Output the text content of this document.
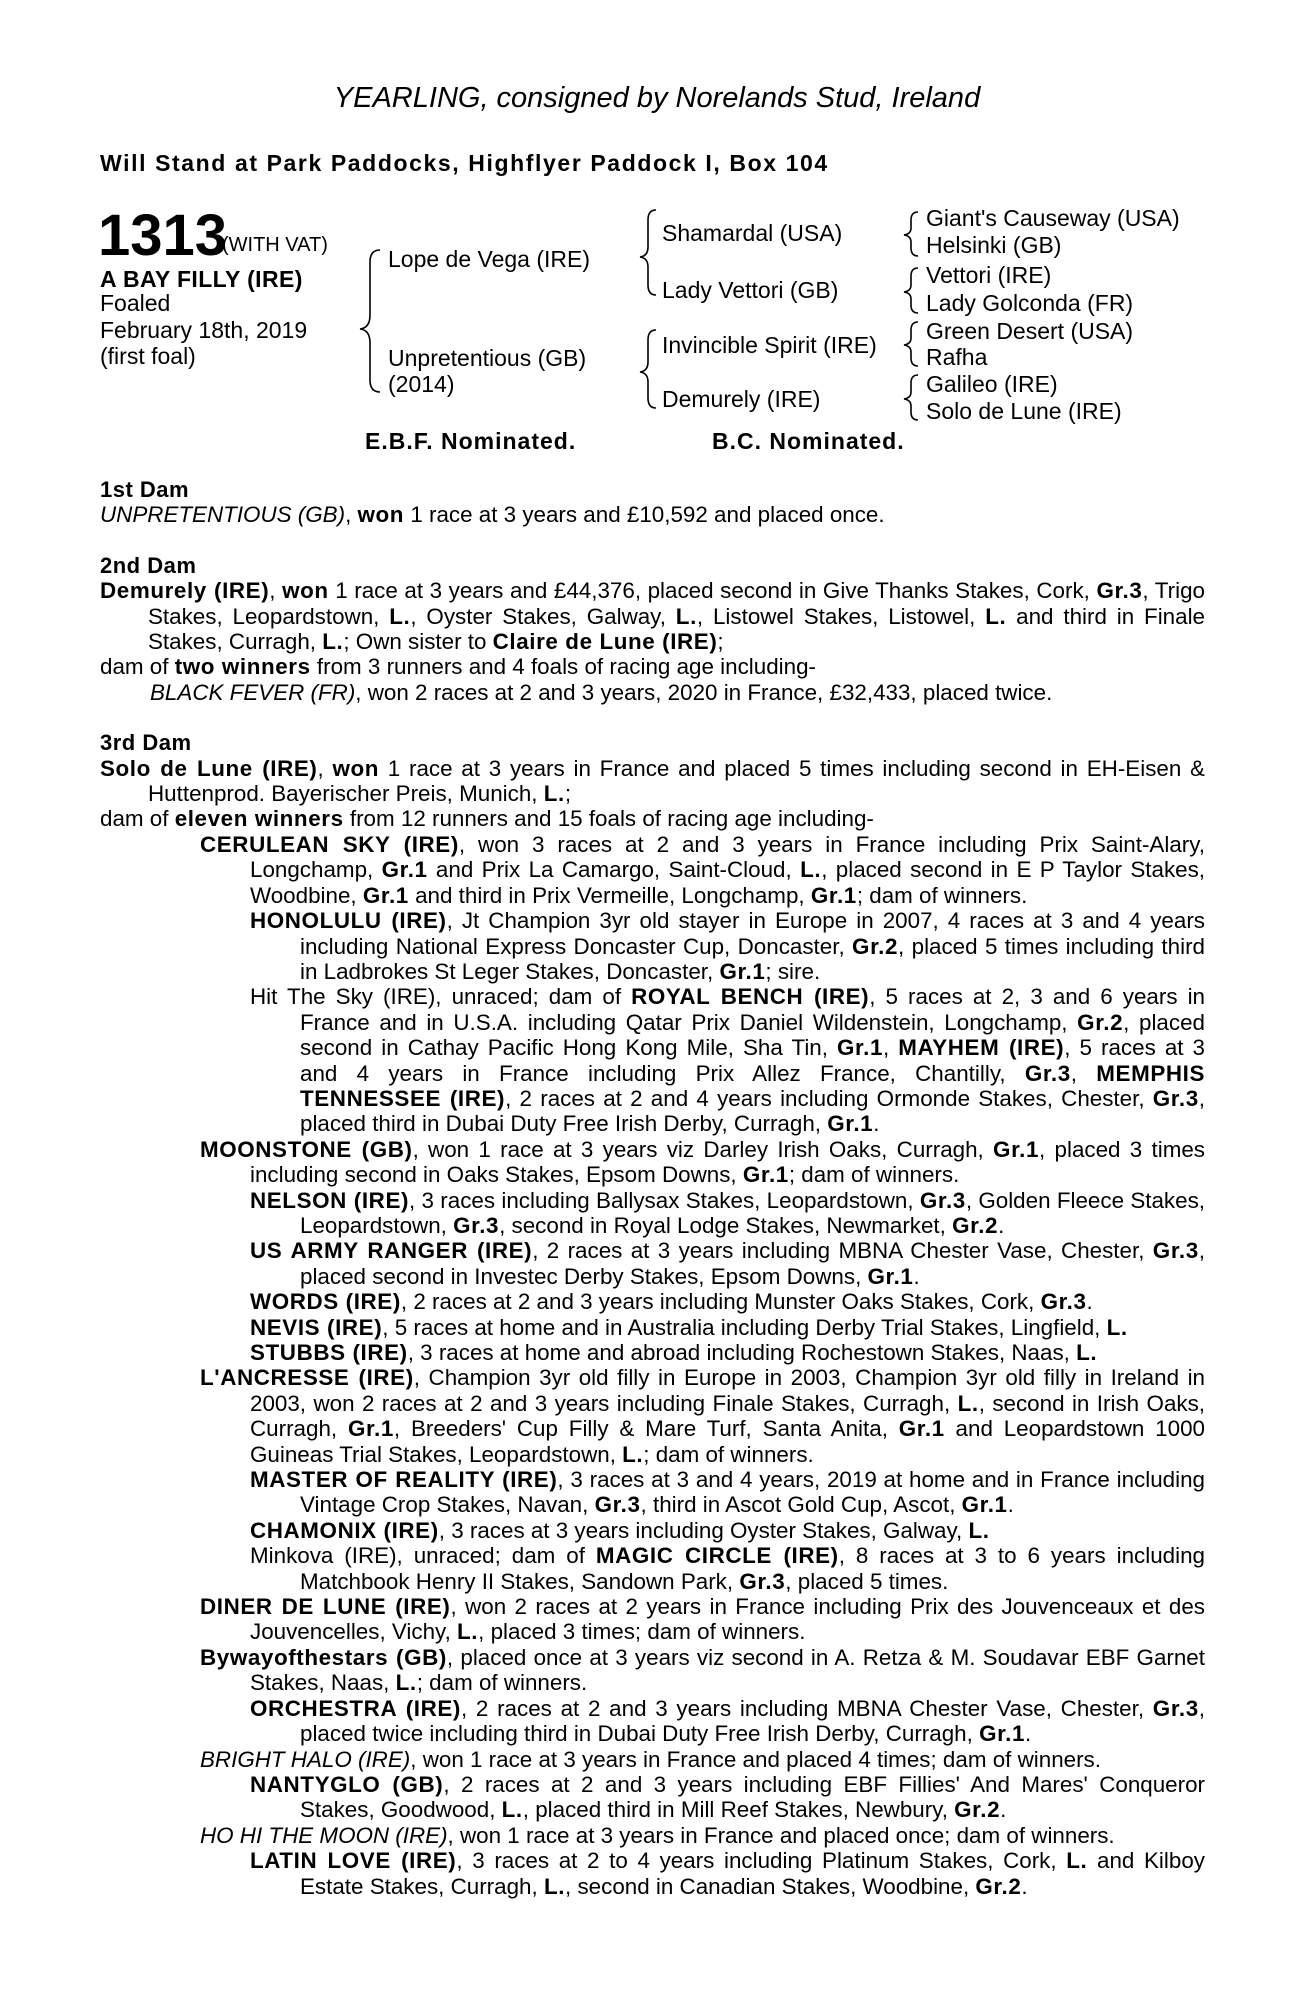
YEARLING, consigned by Norelands Stud, Ireland
Will Stand at Park Paddocks, Highflyer Paddock I, Box 104
1313
(WITH VAT)
A BAY FILLY (IRE)
Foaled
February 18th, 2019
(first foal)
Lope de Vega (IRE)
Unpretentious (GB)
(2014)
Shamardal (USA)
Lady Vettori (GB)
Invincible Spirit (IRE)
Demurely (IRE)
Giant's Causeway (USA)
Helsinki (GB)
Vettori (IRE)
Lady Golconda (FR)
Green Desert (USA)
Rafha
Galileo (IRE)
Solo de Lune (IRE)
E.B.F. Nominated.	B.C. Nominated.
1st Dam

UNPRETENTIOUS (GB), won 1 race at 3 years and £10,592 and placed once.

2nd Dam

Demurely (IRE), won 1 race at 3 years and £44,376, placed second in Give Thanks Stakes, Cork, Gr.3, Trigo Stakes, Leopardstown, L., Oyster Stakes, Galway, L., Listowel Stakes, Listowel, L. and third in Finale Stakes, Curragh, L.; Own sister to Claire de Lune (IRE);

dam of two winners from 3 runners and 4 foals of racing age including-

BLACK FEVER (FR), won 2 races at 2 and 3 years, 2020 in France, £32,433, placed twice.

3rd Dam

Solo de Lune (IRE), won 1 race at 3 years in France and placed 5 times including second in EH-Eisen & Huttenprod. Bayerischer Preis, Munich, L.;

dam of eleven winners from 12 runners and 15 foals of racing age including-

CERULEAN SKY (IRE), won 3 races at 2 and 3 years in France including Prix Saint-Alary, Longchamp, Gr.1 and Prix La Camargo, Saint-Cloud, L., placed second in E P Taylor Stakes, Woodbine, Gr.1 and third in Prix Vermeille, Longchamp, Gr.1; dam of winners.

HONOLULU (IRE), Jt Champion 3yr old stayer in Europe in 2007, 4 races at 3 and 4 years including National Express Doncaster Cup, Doncaster, Gr.2, placed 5 times including third in Ladbrokes St Leger Stakes, Doncaster, Gr.1; sire.

Hit The Sky (IRE), unraced; dam of ROYAL BENCH (IRE), 5 races at 2, 3 and 6 years in France and in U.S.A. including Qatar Prix Daniel Wildenstein, Longchamp, Gr.2, placed second in Cathay Pacific Hong Kong Mile, Sha Tin, Gr.1, MAYHEM (IRE), 5 races at 3 and 4 years in France including Prix Allez France, Chantilly, Gr.3, MEMPHIS TENNESSEE (IRE), 2 races at 2 and 4 years including Ormonde Stakes, Chester, Gr.3, placed third in Dubai Duty Free Irish Derby, Curragh, Gr.1.

MOONSTONE (GB), won 1 race at 3 years viz Darley Irish Oaks, Curragh, Gr.1, placed 3 times including second in Oaks Stakes, Epsom Downs, Gr.1; dam of winners.

NELSON (IRE), 3 races including Ballysax Stakes, Leopardstown, Gr.3, Golden Fleece Stakes, Leopardstown, Gr.3, second in Royal Lodge Stakes, Newmarket, Gr.2.

US ARMY RANGER (IRE), 2 races at 3 years including MBNA Chester Vase, Chester, Gr.3, placed second in Investec Derby Stakes, Epsom Downs, Gr.1.

WORDS (IRE), 2 races at 2 and 3 years including Munster Oaks Stakes, Cork, Gr.3.

NEVIS (IRE), 5 races at home and in Australia including Derby Trial Stakes, Lingfield, L.

STUBBS (IRE), 3 races at home and abroad including Rochestown Stakes, Naas, L.

L'ANCRESSE (IRE), Champion 3yr old filly in Europe in 2003, Champion 3yr old filly in Ireland in 2003, won 2 races at 2 and 3 years including Finale Stakes, Curragh, L., second in Irish Oaks, Curragh, Gr.1, Breeders' Cup Filly & Mare Turf, Santa Anita, Gr.1 and Leopardstown 1000 Guineas Trial Stakes, Leopardstown, L.; dam of winners.

MASTER OF REALITY (IRE), 3 races at 3 and 4 years, 2019 at home and in France including Vintage Crop Stakes, Navan, Gr.3, third in Ascot Gold Cup, Ascot, Gr.1.

CHAMONIX (IRE), 3 races at 3 years including Oyster Stakes, Galway, L.

Minkova (IRE), unraced; dam of MAGIC CIRCLE (IRE), 8 races at 3 to 6 years including Matchbook Henry II Stakes, Sandown Park, Gr.3, placed 5 times.

DINER DE LUNE (IRE), won 2 races at 2 years in France including Prix des Jouvenceaux et des Jouvencelles, Vichy, L., placed 3 times; dam of winners.

Bywayofthestars (GB), placed once at 3 years viz second in A. Retza & M. Soudavar EBF Garnet Stakes, Naas, L.; dam of winners.

ORCHESTRA (IRE), 2 races at 2 and 3 years including MBNA Chester Vase, Chester, Gr.3, placed twice including third in Dubai Duty Free Irish Derby, Curragh, Gr.1.

BRIGHT HALO (IRE), won 1 race at 3 years in France and placed 4 times; dam of winners.

NANTYGLO (GB), 2 races at 2 and 3 years including EBF Fillies' And Mares' Conqueror Stakes, Goodwood, L., placed third in Mill Reef Stakes, Newbury, Gr.2.

HO HI THE MOON (IRE), won 1 race at 3 years in France and placed once; dam of winners.

LATIN LOVE (IRE), 3 races at 2 to 4 years including Platinum Stakes, Cork, L. and Kilboy Estate Stakes, Curragh, L., second in Canadian Stakes, Woodbine, Gr.2.
